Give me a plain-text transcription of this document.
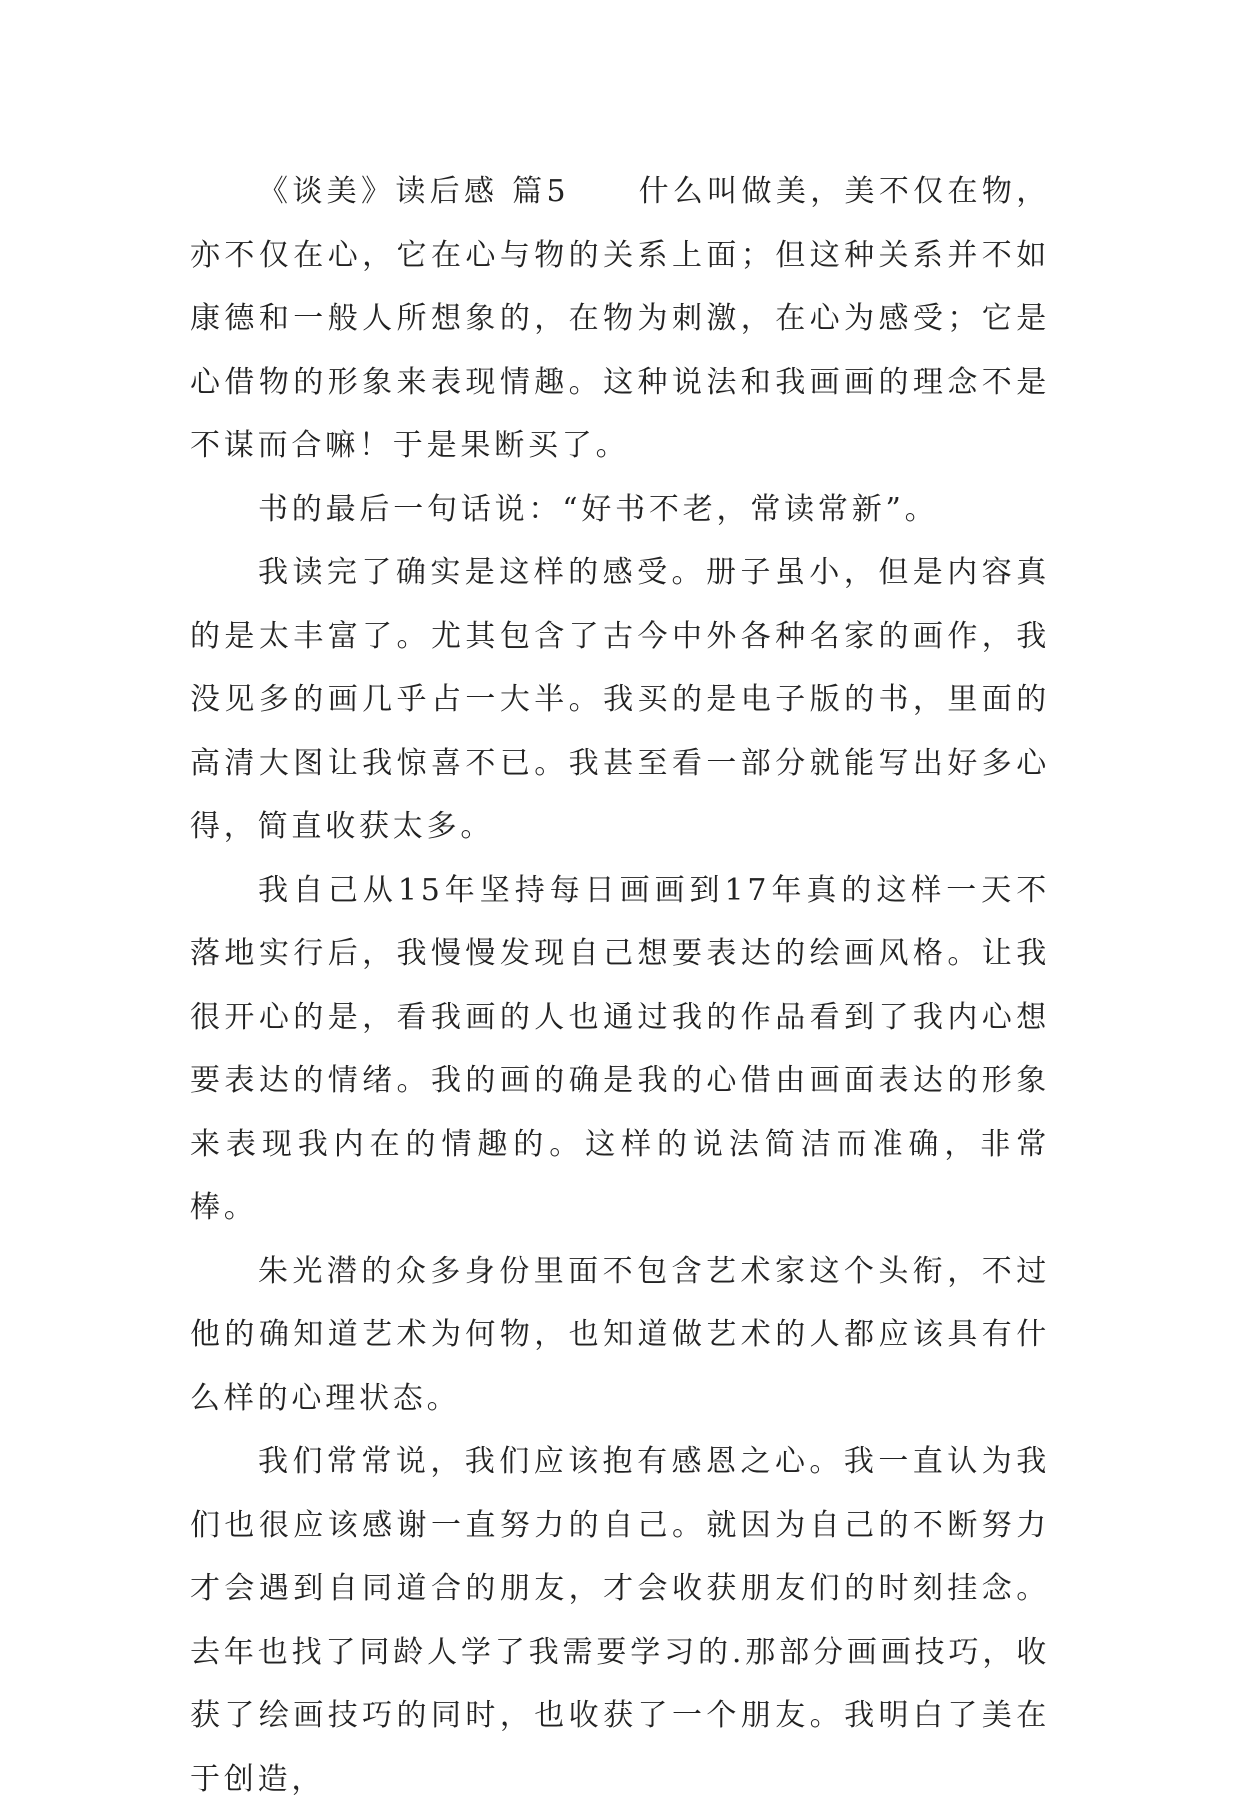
《谈美》读后感 篇5　　什么叫做美，美不仅在物，亦不仅在心，它在心与物的关系上面；但这种关系并不如康德和一般人所想象的，在物为刺激，在心为感受；它是心借物的形象来表现情趣。这种说法和我画画的理念不是不谋而合嘛！于是果断买了。

书的最后一句话说：“好书不老，常读常新”。

我读完了确实是这样的感受。册子虽小，但是内容真的是太丰富了。尤其包含了古今中外各种名家的画作，我没见多的画几乎占一大半。我买的是电子版的书，里面的高清大图让我惊喜不已。我甚至看一部分就能写出好多心得，简直收获太多。

我自己从15年坚持每日画画到17年真的这样一天不落地实行后，我慢慢发现自己想要表达的绘画风格。让我很开心的是，看我画的人也通过我的作品看到了我内心想要表达的情绪。我的画的确是我的心借由画面表达的形象来表现我内在的情趣的。这样的说法简洁而准确，非常棒。

朱光潜的众多身份里面不包含艺术家这个头衔，不过他的确知道艺术为何物，也知道做艺术的人都应该具有什么样的心理状态。

我们常常说，我们应该抱有感恩之心。我一直认为我们也很应该感谢一直努力的自己。就因为自己的不断努力才会遇到自同道合的朋友，才会收获朋友们的时刻挂念。去年也找了同龄人学了我需要学习的.那部分画画技巧，收获了绘画技巧的同时，也收获了一个朋友。我明白了美在于创造，
